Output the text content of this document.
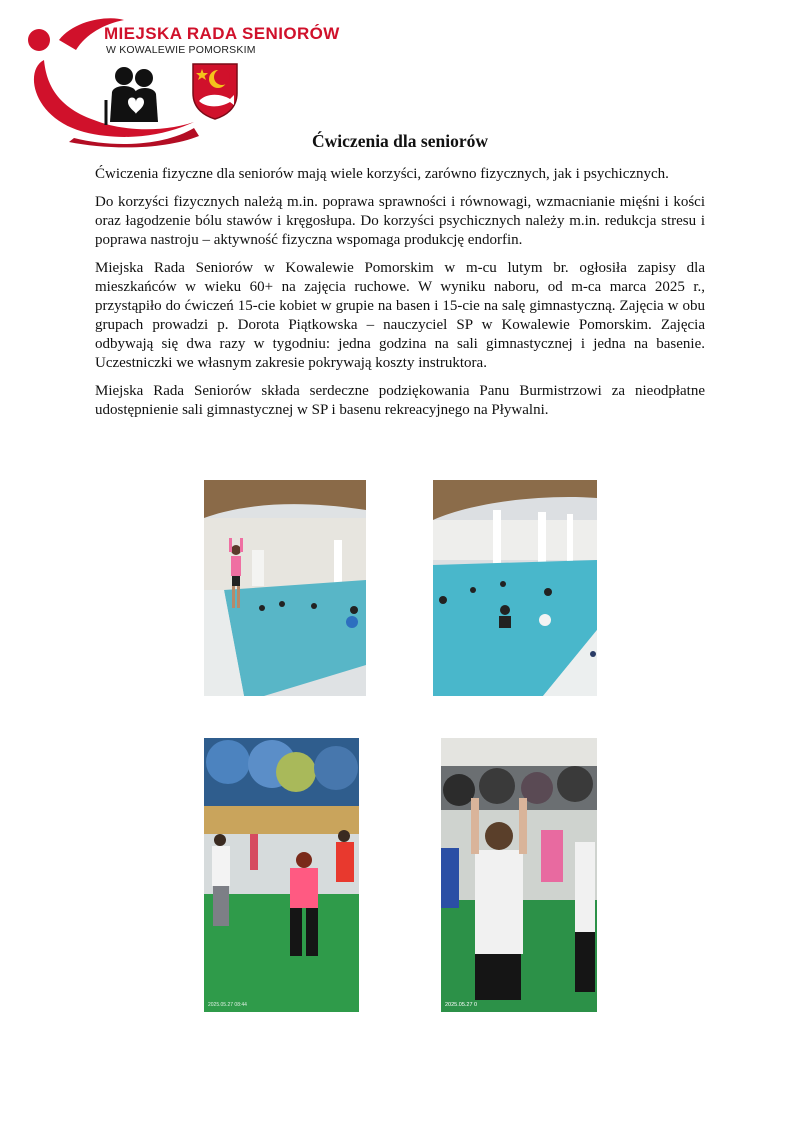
MIEJSKA RADA SENIORÓW

W KOWALEWIE POMORSKIM

Ćwiczenia dla seniorów

Ćwiczenia fizyczne dla seniorów mają wiele korzyści, zarówno fizycznych, jak i psychicznych.

Do korzyści fizycznych należą m.in. poprawa sprawności i równowagi, wzmacnianie mięśni i kości oraz łagodzenie bólu stawów i kręgosłupa. Do korzyści psychicznych należy m.in. redukcja stresu i poprawa nastroju – aktywność fizyczna wspomaga produkcję endorfin.

Miejska Rada Seniorów w Kowalewie Pomorskim w m-cu lutym br. ogłosiła zapisy dla mieszkańców w wieku 60+ na zajęcia ruchowe. W wyniku naboru, od m-ca marca 2025 r., przystąpiło do ćwiczeń 15-cie kobiet w grupie na basen i 15-cie na salę gimnastyczną. Zajęcia w obu grupach prowadzi p. Dorota Piątkowska – nauczyciel SP w Kowalewie Pomorskim. Zajęcia odbywają się dwa razy w tygodniu: jedna godzina na sali gimnastycznej i jedna na basenie. Uczestniczki we własnym zakresie pokrywają koszty instruktora.

Miejska Rada Seniorów składa serdeczne podziękowania Panu Burmistrzowi za nieodpłatne udostępnienie sali gimnastycznej w SP i basenu rekreacyjnego na Pływalni.

2025.05.27 08:44	2025.05.27 0
